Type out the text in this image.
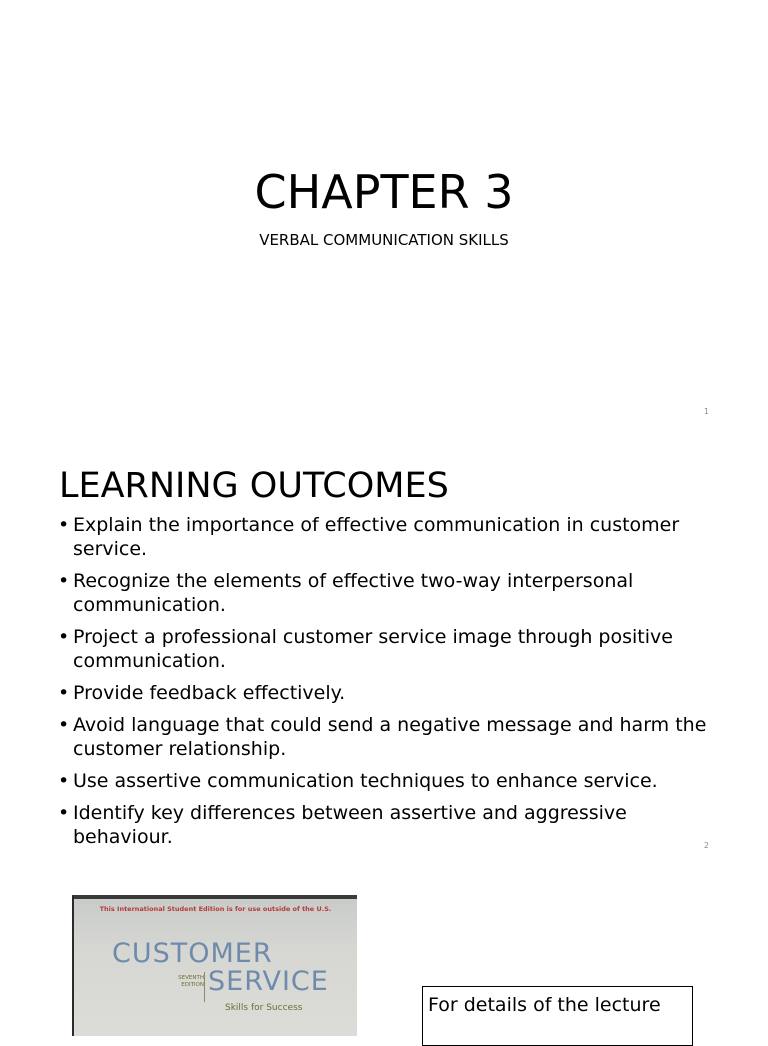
CHAPTER 3
VERBAL COMMUNICATION SKILLS
1
LEARNING OUTCOMES
• Explain the importance of effective communication in customer service.
• Recognize the elements of effective two-way interpersonal communication.
• Project a professional customer service image through positive communication.
• Provide feedback effectively.
• Avoid language that could send a negative message and harm the customer relationship.
• Use assertive communication techniques to enhance service.
• Identify key differences between assertive and aggressive behaviour.	2
This International Student Edition is for use outside of the U.S.
CUSTOMER
SEVENTH
EDITION SERVICE
Skills for Success	For details of the lecture
